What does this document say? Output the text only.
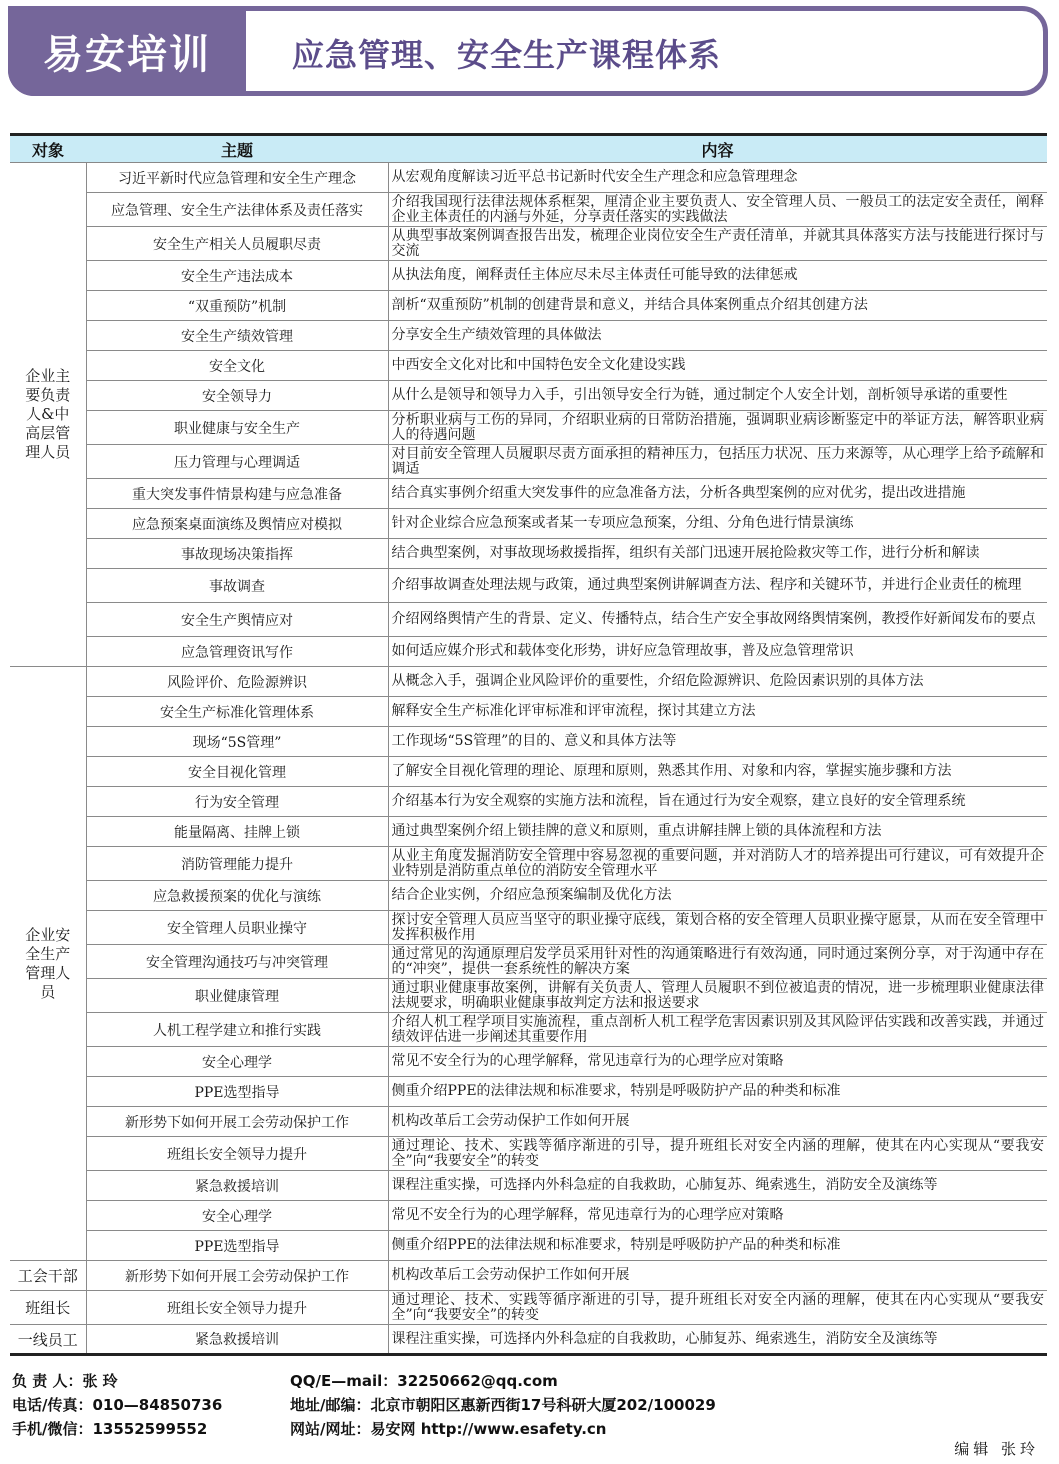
易安培训	应急管理、安全生产课程体系
对象	主题	内容
企业主要负责人&中高层管理人员	习近平新时代应急管理和安全生产理念	从宏观角度解读习近平总书记新时代安全生产理念和应急管理理念
	应急管理、安全生产法律体系及责任落实	介绍我国现行法律法规体系框架，厘清企业主要负责人、安全管理人员、一般员工的法定安全责任，阐释企业主体责任的内涵与外延，分享责任落实的实践做法
	安全生产相关人员履职尽责	从典型事故案例调查报告出发，梳理企业岗位安全生产责任清单，并就其具体落实方法与技能进行探讨与交流
	安全生产违法成本	从执法角度，阐释责任主体应尽未尽主体责任可能导致的法律惩戒
	“双重预防”机制	剖析“双重预防”机制的创建背景和意义，并结合具体案例重点介绍其创建方法
	安全生产绩效管理	分享安全生产绩效管理的具体做法
	安全文化	中西安全文化对比和中国特色安全文化建设实践
	安全领导力	从什么是领导和领导力入手，引出领导安全行为链，通过制定个人安全计划，剖析领导承诺的重要性
	职业健康与安全生产	分析职业病与工伤的异同，介绍职业病的日常防治措施，强调职业病诊断鉴定中的举证方法，解答职业病人的待遇问题
	压力管理与心理调适	对目前安全管理人员履职尽责方面承担的精神压力，包括压力状况、压力来源等，从心理学上给予疏解和调适
	重大突发事件情景构建与应急准备	结合真实事例介绍重大突发事件的应急准备方法，分析各典型案例的应对优劣，提出改进措施
	应急预案桌面演练及舆情应对模拟	针对企业综合应急预案或者某一专项应急预案，分组、分角色进行情景演练
	事故现场决策指挥	结合典型案例，对事故现场救援指挥，组织有关部门迅速开展抢险救灾等工作，进行分析和解读
	事故调查	介绍事故调查处理法规与政策，通过典型案例讲解调查方法、程序和关键环节，并进行企业责任的梳理
	安全生产舆情应对	介绍网络舆情产生的背景、定义、传播特点，结合生产安全事故网络舆情案例，教授作好新闻发布的要点
	应急管理资讯写作	如何适应媒介形式和载体变化形势，讲好应急管理故事，普及应急管理常识
企业安全生产管理人员	风险评价、危险源辨识	从概念入手，强调企业风险评价的重要性，介绍危险源辨识、危险因素识别的具体方法
	安全生产标准化管理体系	解释安全生产标准化评审标准和评审流程，探讨其建立方法
	现场“5S管理”	工作现场“5S管理”的目的、意义和具体方法等
	安全目视化管理	了解安全目视化管理的理论、原理和原则，熟悉其作用、对象和内容，掌握实施步骤和方法
	行为安全管理	介绍基本行为安全观察的实施方法和流程，旨在通过行为安全观察，建立良好的安全管理系统
	能量隔离、挂牌上锁	通过典型案例介绍上锁挂牌的意义和原则，重点讲解挂牌上锁的具体流程和方法
	消防管理能力提升	从业主角度发掘消防安全管理中容易忽视的重要问题，并对消防人才的培养提出可行建议，可有效提升企业特别是消防重点单位的消防安全管理水平
	应急救援预案的优化与演练	结合企业实例，介绍应急预案编制及优化方法
	安全管理人员职业操守	探讨安全管理人员应当坚守的职业操守底线，策划合格的安全管理人员职业操守愿景，从而在安全管理中发挥积极作用
	安全管理沟通技巧与冲突管理	通过常见的沟通原理启发学员采用针对性的沟通策略进行有效沟通，同时通过案例分享，对于沟通中存在的“冲突”，提供一套系统性的解决方案
	职业健康管理	通过职业健康事故案例，讲解有关负责人、管理人员履职不到位被追责的情况，进一步梳理职业健康法律法规要求，明确职业健康事故判定方法和报送要求
	人机工程学建立和推行实践	介绍人机工程学项目实施流程，重点剖析人机工程学危害因素识别及其风险评估实践和改善实践，并通过绩效评估进一步阐述其重要作用
	安全心理学	常见不安全行为的心理学解释，常见违章行为的心理学应对策略
	PPE选型指导	侧重介绍PPE的法律法规和标准要求，特别是呼吸防护产品的种类和标准
	新形势下如何开展工会劳动保护工作	机构改革后工会劳动保护工作如何开展
	班组长安全领导力提升	通过理论、技术、实践等循序渐进的引导，提升班组长对安全内涵的理解，使其在内心实现从“要我安全”向“我要安全”的转变
	紧急救援培训	课程注重实操，可选择内外科急症的自我救助，心肺复苏、绳索逃生，消防安全及演练等
	安全心理学	常见不安全行为的心理学解释，常见违章行为的心理学应对策略
	PPE选型指导	侧重介绍PPE的法律法规和标准要求，特别是呼吸防护产品的种类和标准
工会干部	新形势下如何开展工会劳动保护工作	机构改革后工会劳动保护工作如何开展
班组长	班组长安全领导力提升	通过理论、技术、实践等循序渐进的引导，提升班组长对安全内涵的理解，使其在内心实现从“要我安全”向“我要安全”的转变
一线员工	紧急救援培训	课程注重实操，可选择内外科急症的自我救助，心肺复苏、绳索逃生，消防安全及演练等
负 责 人：张 玲
电话/传真：010—84850736
手机/微信：13552599552
QQ/E—mail：32250662@qq.com
地址/邮编：北京市朝阳区惠新西街17号科研大厦202/100029
网站/网址：易安网 http://www.esafety.cn
编辑 张玲
